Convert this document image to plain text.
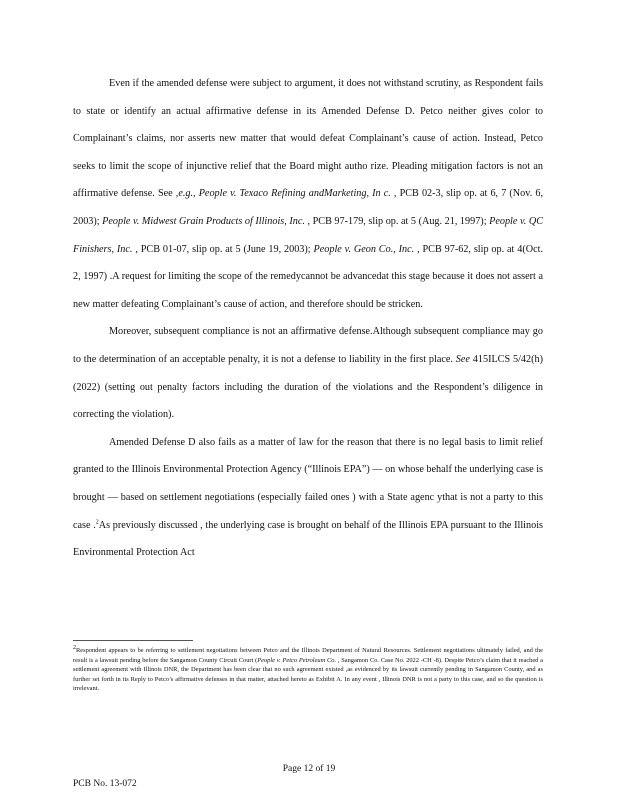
Even if the amended defense were subject to argument, it does not withstand scrutiny, as Respondent fails to state or identify an actual affirmative defense in its Amended Defense D. Petco neither gives color to Complainant’s claims, nor asserts new matter that would defeat Complainant’s cause of action. Instead, Petco seeks to limit the scope of injunctive relief that the Board might autho rize. Pleading mitigation factors is not an affirmative defense. See ,e.g., People v. Texaco Refining andMarketing, In c. , PCB 02-3, slip op. at 6, 7 (Nov. 6, 2003); People v. Midwest Grain Products of Illinois, Inc. , PCB 97-179, slip op. at 5 (Aug. 21, 1997); People v. QC Finishers, Inc. , PCB 01-07, slip op. at 5 (June 19, 2003); People v. Geon Co., Inc. , PCB 97-62, slip op. at 4(Oct. 2, 1997) .A request for limiting the scope of the remedycannot be advancedat this stage because it does not assert a new matter defeating Complainant’s cause of action, and therefore should be stricken.

Moreover, subsequent compliance is not an affirmative defense.Although subsequent compliance may go to the determination of an acceptable penalty, it is not a defense to liability in the first place. See 415ILCS 5/42(h) (2022) (setting out penalty factors including the duration of the violations and the Respondent’s diligence in correcting the violation).

Amended Defense D also fails as a matter of law for the reason that there is no legal basis to limit relief granted to the Illinois Environmental Protection Agency (“Illinois EPA”) — on whose behalf the underlying case is brought — based on settlement negotiations (especially failed ones ) with a State agenc ythat is not a party to this case .$^2$As previously discussed , the underlying case is brought on behalf of the Illinois EPA pursuant to the Illinois Environmental Protection Act

$^2$Respondent appears to be referring to settlement negotiations between Petco and the Illinois Department of Natural Resources. Settlement negotiations ultimately failed, and the result is a lawsuit pending before the Sangamon County Circuit Court (People v. Petco Petroleum Co. , Sangamon Co. Case No. 2022 -CH -8). Despite Petco’s claim that it reached a settlement agreement with Illinois DNR, the Department has been clear that no such agreement existed ,as evidenced by its lawsuit currently pending in Sangamon County, and as further set forth in its Reply to Petco’s affirmative defenses in that matter, attached hereto as Exhibit A. In any event , Illinois DNR is not a party to this case, and so the question is irrelevant.

Page 12 of 19
PCB No. 13-072
